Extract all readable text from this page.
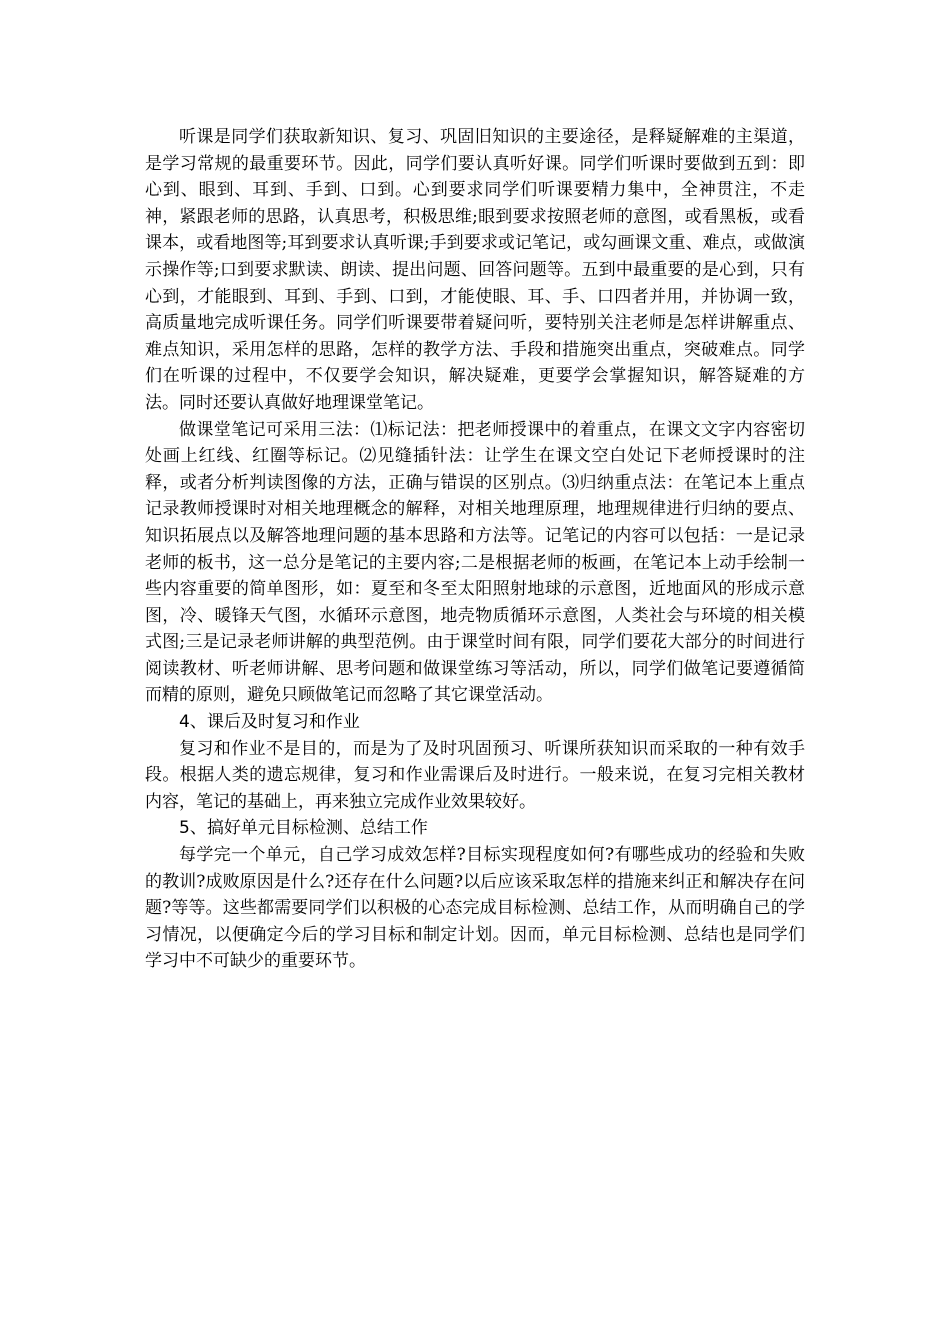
听课是同学们获取新知识、复习、巩固旧知识的主要途径，是释疑解难的主渠道，是学习常规的最重要环节。因此，同学们要认真听好课。同学们听课时要做到五到：即心到、眼到、耳到、手到、口到。心到要求同学们听课要精力集中，全神贯注，不走神，紧跟老师的思路，认真思考，积极思维;眼到要求按照老师的意图，或看黑板，或看课本，或看地图等;耳到要求认真听课;手到要求或记笔记，或勾画课文重、难点，或做演示操作等;口到要求默读、朗读、提出问题、回答问题等。五到中最重要的是心到，只有心到，才能眼到、耳到、手到、口到，才能使眼、耳、手、口四者并用，并协调一致，高质量地完成听课任务。同学们听课要带着疑问听，要特别关注老师是怎样讲解重点、难点知识，采用怎样的思路，怎样的教学方法、手段和措施突出重点，突破难点。同学们在听课的过程中，不仅要学会知识，解决疑难，更要学会掌握知识，解答疑难的方法。同时还要认真做好地理课堂笔记。

做课堂笔记可采用三法：⑴标记法：把老师授课中的着重点，在课文文字内容密切处画上红线、红圈等标记。⑵见缝插针法：让学生在课文空白处记下老师授课时的注释，或者分析判读图像的方法，正确与错误的区别点。⑶归纳重点法：在笔记本上重点记录教师授课时对相关地理概念的解释，对相关地理原理，地理规律进行归纳的要点、知识拓展点以及解答地理问题的基本思路和方法等。记笔记的内容可以包括：一是记录老师的板书，这一总分是笔记的主要内容;二是根据老师的板画，在笔记本上动手绘制一些内容重要的简单图形，如：夏至和冬至太阳照射地球的示意图，近地面风的形成示意图，冷、暖锋天气图，水循环示意图，地壳物质循环示意图，人类社会与环境的相关模式图;三是记录老师讲解的典型范例。由于课堂时间有限，同学们要花大部分的时间进行阅读教材、听老师讲解、思考问题和做课堂练习等活动，所以，同学们做笔记要遵循简而精的原则，避免只顾做笔记而忽略了其它课堂活动。

4、课后及时复习和作业

复习和作业不是目的，而是为了及时巩固预习、听课所获知识而采取的一种有效手段。根据人类的遗忘规律，复习和作业需课后及时进行。一般来说，在复习完相关教材内容，笔记的基础上，再来独立完成作业效果较好。

5、搞好单元目标检测、总结工作

每学完一个单元，自己学习成效怎样?目标实现程度如何?有哪些成功的经验和失败的教训?成败原因是什么?还存在什么问题?以后应该采取怎样的措施来纠正和解决存在问题?等等。这些都需要同学们以积极的心态完成目标检测、总结工作，从而明确自己的学习情况，以便确定今后的学习目标和制定计划。因而，单元目标检测、总结也是同学们学习中不可缺少的重要环节。
